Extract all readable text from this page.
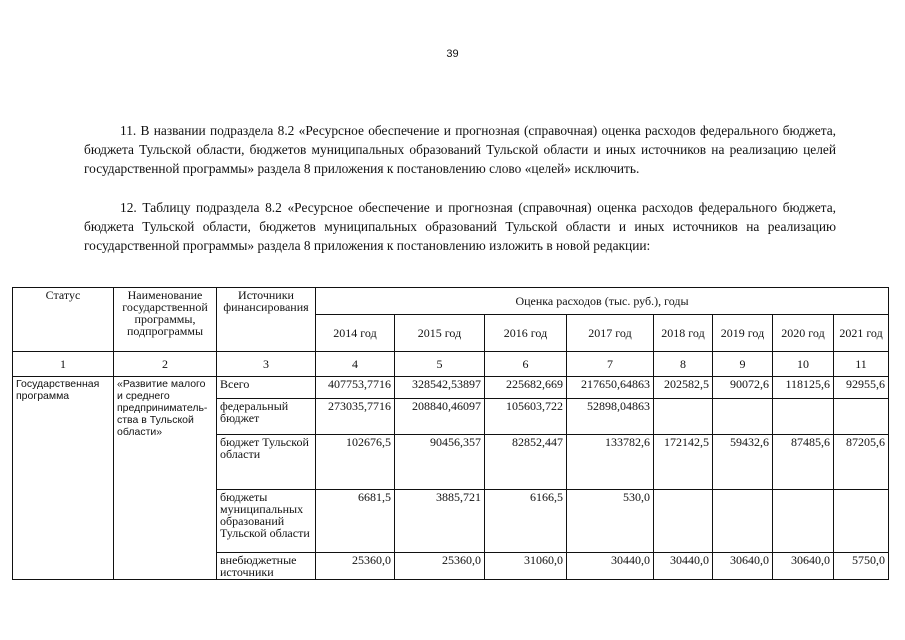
39

11. В названии подраздела 8.2 «Ресурсное обеспечение и прогнозная (справочная) оценка расходов федерального бюджета, бюджета Тульской области, бюджетов муниципальных образований Тульской области и иных источников на реализацию целей государственной программы» раздела 8 приложения к постановлению слово «целей» исключить.

12. Таблицу подраздела 8.2 «Ресурсное обеспечение и прогнозная (справочная) оценка расходов федерального бюджета, бюджета Тульской области, бюджетов муниципальных образований Тульской области и иных источников на реализацию государственной программы» раздела 8 приложения к постановлению изложить в новой редакции:

Статус	Наименование государственной программы, подпрограммы	Источники финансирования	Оценка расходов (тыс. руб.), годы							
			2014 год	2015 год	2016 год	2017 год	2018 год	2019 год	2020 год	2021 год
1	2	3	4	5	6	7	8	9	10	11
Государственная программа	«Развитие малого и среднего предприниматель-ства в Тульской области»	Всего	407753,7716	328542,53897	225682,669	217650,64863	202582,5	90072,6	118125,6	92955,6
		федеральный бюджет	273035,7716	208840,46097	105603,722	52898,04863				
		бюджет Тульской области	102676,5	90456,357	82852,447	133782,6	172142,5	59432,6	87485,6	87205,6
		бюджеты муниципальных образований Тульской области	6681,5	3885,721	6166,5	530,0				
		внебюджетные источники	25360,0	25360,0	31060,0	30440,0	30440,0	30640,0	30640,0	5750,0
